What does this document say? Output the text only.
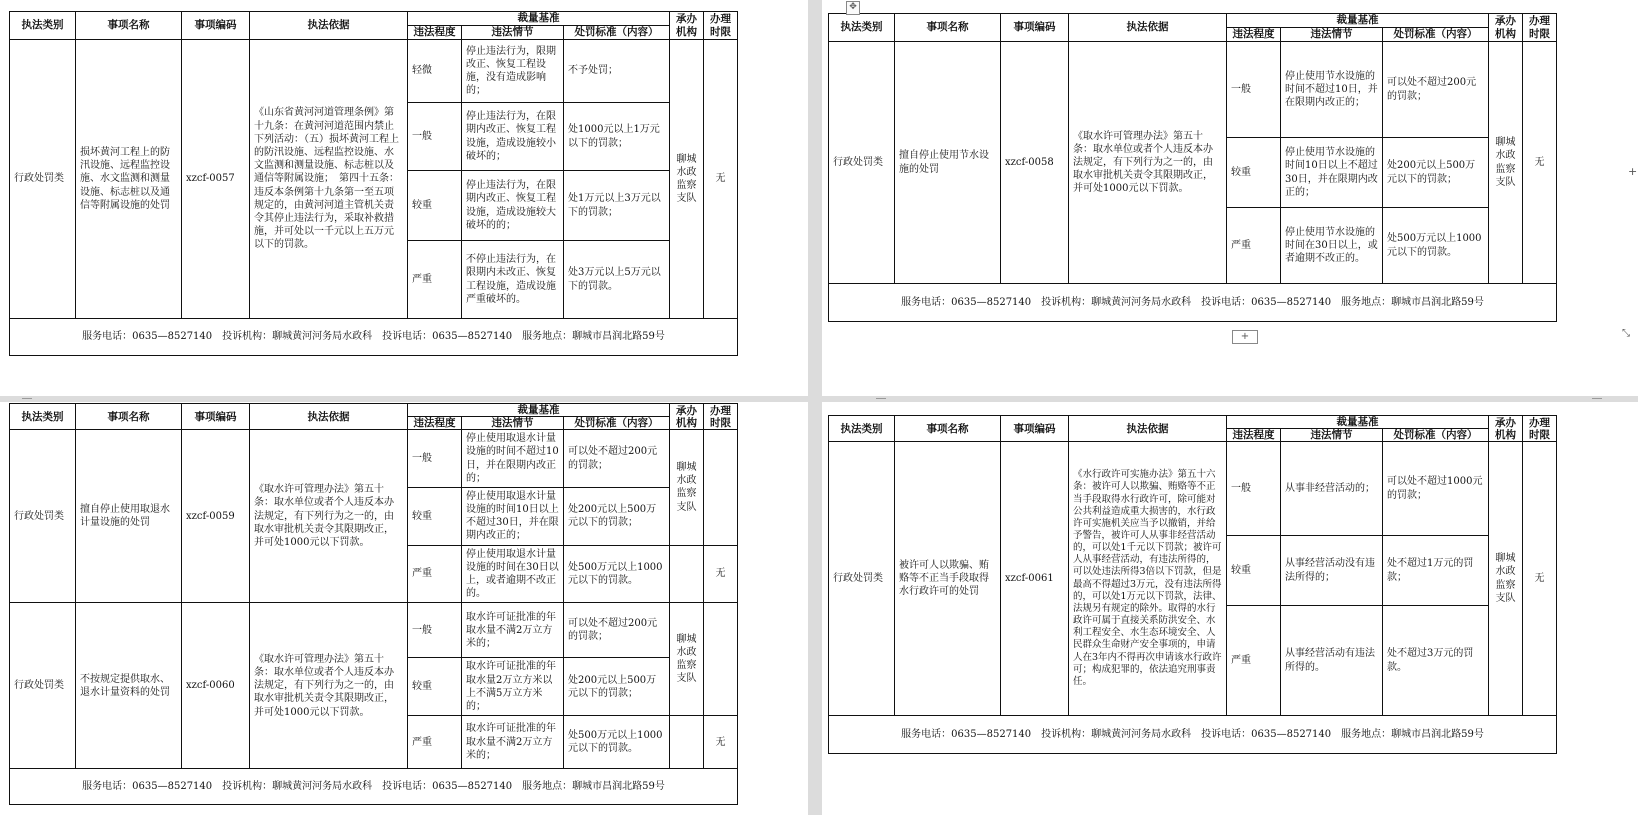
执法类别	事项名称	事项编码	执法依据	裁量基准			承办机构	办理时限
				违法程度	违法情节	处罚标准（内容）		
行政处罚类	损坏黄河工程上的防汛设施、远程监控设施、水文监测和测量设施、标志桩以及通信等附属设施的处罚	xzcf-0057	《山东省黄河河道管理条例》第十九条：在黄河河道范围内禁止下列活动：（五）损坏黄河工程上的防汛设施、远程监控设施、水文监测和测量设施、标志桩以及通信等附属设施；　第四十五条：违反本条例第十九条第一至五项规定的，由黄河河道主管机关责令其停止违法行为，采取补救措施，并可处以一千元以上五万元以下的罚款。	轻微	停止违法行为，限期改正、恢复工程设施，没有造成影响的；	不予处罚；	聊城水政监察支队	无
				一般	停止违法行为，在限期内改正、恢复工程设施，造成设施较小破坏的；	处1000元以上1万元以下的罚款；		
				较重	停止违法行为，在限期内改正、恢复工程设施，造成设施较大破坏的的；	处1万元以上3万元以下的罚款；		
				严重	不停止违法行为，在限期内未改正、恢复工程设施，造成设施严重破坏的。	处3万元以上5万元以下的罚款。		
服务电话：0635—8527140　投诉机构：聊城黄河河务局水政科　投诉电话：0635—8527140　服务地点：聊城市昌润北路59号								
执法类别	事项名称	事项编码	执法依据	裁量基准			承办机构	办理时限
				违法程度	违法情节	处罚标准（内容）		
行政处罚类	擅自停止使用节水设施的处罚	xzcf-0058	《取水许可管理办法》第五十条：取水单位或者个人违反本办法规定，有下列行为之一的，由取水审批机关责令其限期改正，并可处1000元以下罚款。	一般	停止使用节水设施的时间不超过10日，并在限期内改正的；	可以处不超过200元的罚款；	聊城水政监察支队	无
				较重	停止使用节水设施的时间10日以上不超过30日，并在限期内改正的；	处200元以上500万元以下的罚款；		
				严重	停止使用节水设施的时间在30日以上，或者逾期不改正的。	处500万元以上1000元以下的罚款。		
服务电话：0635—8527140　投诉机构：聊城黄河河务局水政科　投诉电话：0635—8527140　服务地点：聊城市昌润北路59号								
执法类别	事项名称	事项编码	执法依据	裁量基准			承办机构	办理时限
				违法程度	违法情节	处罚标准（内容）		
行政处罚类	擅自停止使用取退水计量设施的处罚	xzcf-0059	《取水许可管理办法》第五十条：取水单位或者个人违反本办法规定，有下列行为之一的，由取水审批机关责令其限期改正，并可处1000元以下罚款。	一般	停止使用取退水计量设施的时间不超过10日，并在限期内改正的；	可以处不超过200元的罚款；	聊城水政监察支队	
				较重	停止使用取退水计量设施的时间10日以上不超过30日，并在限期内改正的；	处200元以上500万元以下的罚款；		
				严重	停止使用取退水计量设施的时间在30日以上，或者逾期不改正的。	处500万元以上1000元以下的罚款。		无
行政处罚类	不按规定提供取水、退水计量资料的处罚	xzcf-0060	《取水许可管理办法》第五十条：取水单位或者个人违反本办法规定，有下列行为之一的，由取水审批机关责令其限期改正，并可处1000元以下罚款。	一般	取水许可证批准的年取水量不满2万立方米的；	可以处不超过200元的罚款；	聊城水政监察支队	
				较重	取水许可证批准的年取水量2万立方米以上不满5万立方米的；	处200元以上500万元以下的罚款；		
				严重	取水许可证批准的年取水量不满2万立方米的；	处500万元以上1000元以下的罚款。		无
服务电话：0635—8527140　投诉机构：聊城黄河河务局水政科　投诉电话：0635—8527140　服务地点：聊城市昌润北路59号								
执法类别	事项名称	事项编码	执法依据	裁量基准			承办机构	办理时限
				违法程度	违法情节	处罚标准（内容）		
行政处罚类	被许可人以欺骗、贿赂等不正当手段取得水行政许可的处罚	xzcf-0061	《水行政许可实施办法》第五十六条：被许可人以欺骗、贿赂等不正当手段取得水行政许可，除可能对公共利益造成重大损害的，水行政许可实施机关应当予以撤销，并给予警告，被许可人从事非经营活动的，可以处1千元以下罚款；被许可人从事经营活动，有违法所得的，可以处违法所得3倍以下罚款，但是最高不得超过3万元，没有违法所得的，可以处1万元以下罚款，法律、法规另有规定的除外。取得的水行政许可属于直接关系防洪安全、水利工程安全、水生态环境安全、人民群众生命财产安全事项的，申请人在3年内不得再次申请该水行政许可；构成犯罪的，依法追究刑事责任。	一般	从事非经营活动的；	可以处不超过1000元的罚款；	聊城水政监察支队	无
				较重	从事经营活动没有违法所得的；	处不超过1万元的罚款；		
				严重	从事经营活动有违法所得的。	处不超过3万元的罚款。		
服务电话：0635—8527140　投诉机构：聊城黄河河务局水政科　投诉电话：0635—8527140　服务地点：聊城市昌润北路59号								
✥
+
+
⤡
